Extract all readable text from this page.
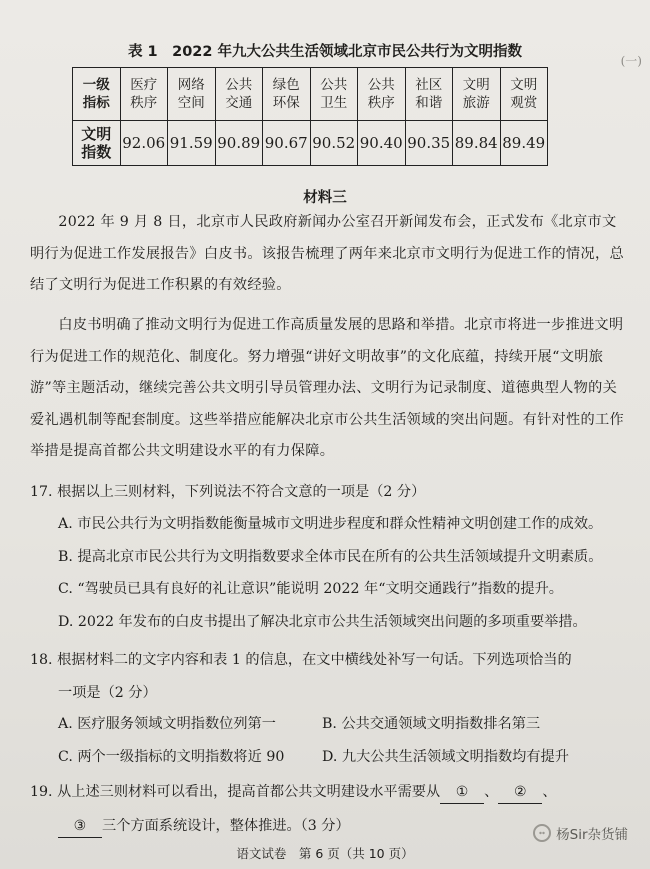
(一)
表 1　2022 年九大公共生活领域北京市民公共行为文明指数
一级指标	医疗秩序	网络空间	公共交通	绿色环保	公共卫生	公共秩序	社区和谐	文明旅游	文明观赏
文明指数	92.06	91.59	90.89	90.67	90.52	90.40	90.35	89.84	89.49
材料三
2022 年 9 月 8 日，北京市人民政府新闻办公室召开新闻发布会，正式发布《北京市文明行为促进工作发展报告》白皮书。该报告梳理了两年来北京市文明行为促进工作的情况，总结了文明行为促进工作积累的有效经验。
白皮书明确了推动文明行为促进工作高质量发展的思路和举措。北京市将进一步推进文明行为促进工作的规范化、制度化。努力增强“讲好文明故事”的文化底蕴，持续开展“文明旅游”等主题活动，继续完善公共文明引导员管理办法、文明行为记录制度、道德典型人物的关爱礼遇机制等配套制度。这些举措应能解决北京市公共生活领域的突出问题。有针对性的工作举措是提高首都公共文明建设水平的有力保障。
17. 根据以上三则材料，下列说法不符合文意的一项是（2 分）
A. 市民公共行为文明指数能衡量城市文明进步程度和群众性精神文明创建工作的成效。
B. 提高北京市民公共行为文明指数要求全体市民在所有的公共生活领域提升文明素质。
C. “驾驶员已具有良好的礼让意识”能说明 2022 年“文明交通践行”指数的提升。
D. 2022 年发布的白皮书提出了解决北京市公共生活领域突出问题的多项重要举措。
18. 根据材料二的文字内容和表 1 的信息，在文中横线处补写一句话。下列选项恰当的
一项是（2 分）
A. 医疗服务领域文明指数位列第一	B. 公共交通领域文明指数排名第三
C. 两个一级指标的文明指数将近 90	D. 九大公共生活领域文明指数均有提升
19. 从上述三则材料可以看出，提高首都公共文明建设水平需要从 ① 、 ② 、
③ 三个方面系统设计，整体推进。（3 分）
杨Sir杂货铺
语文试卷　第 6 页（共 10 页）
